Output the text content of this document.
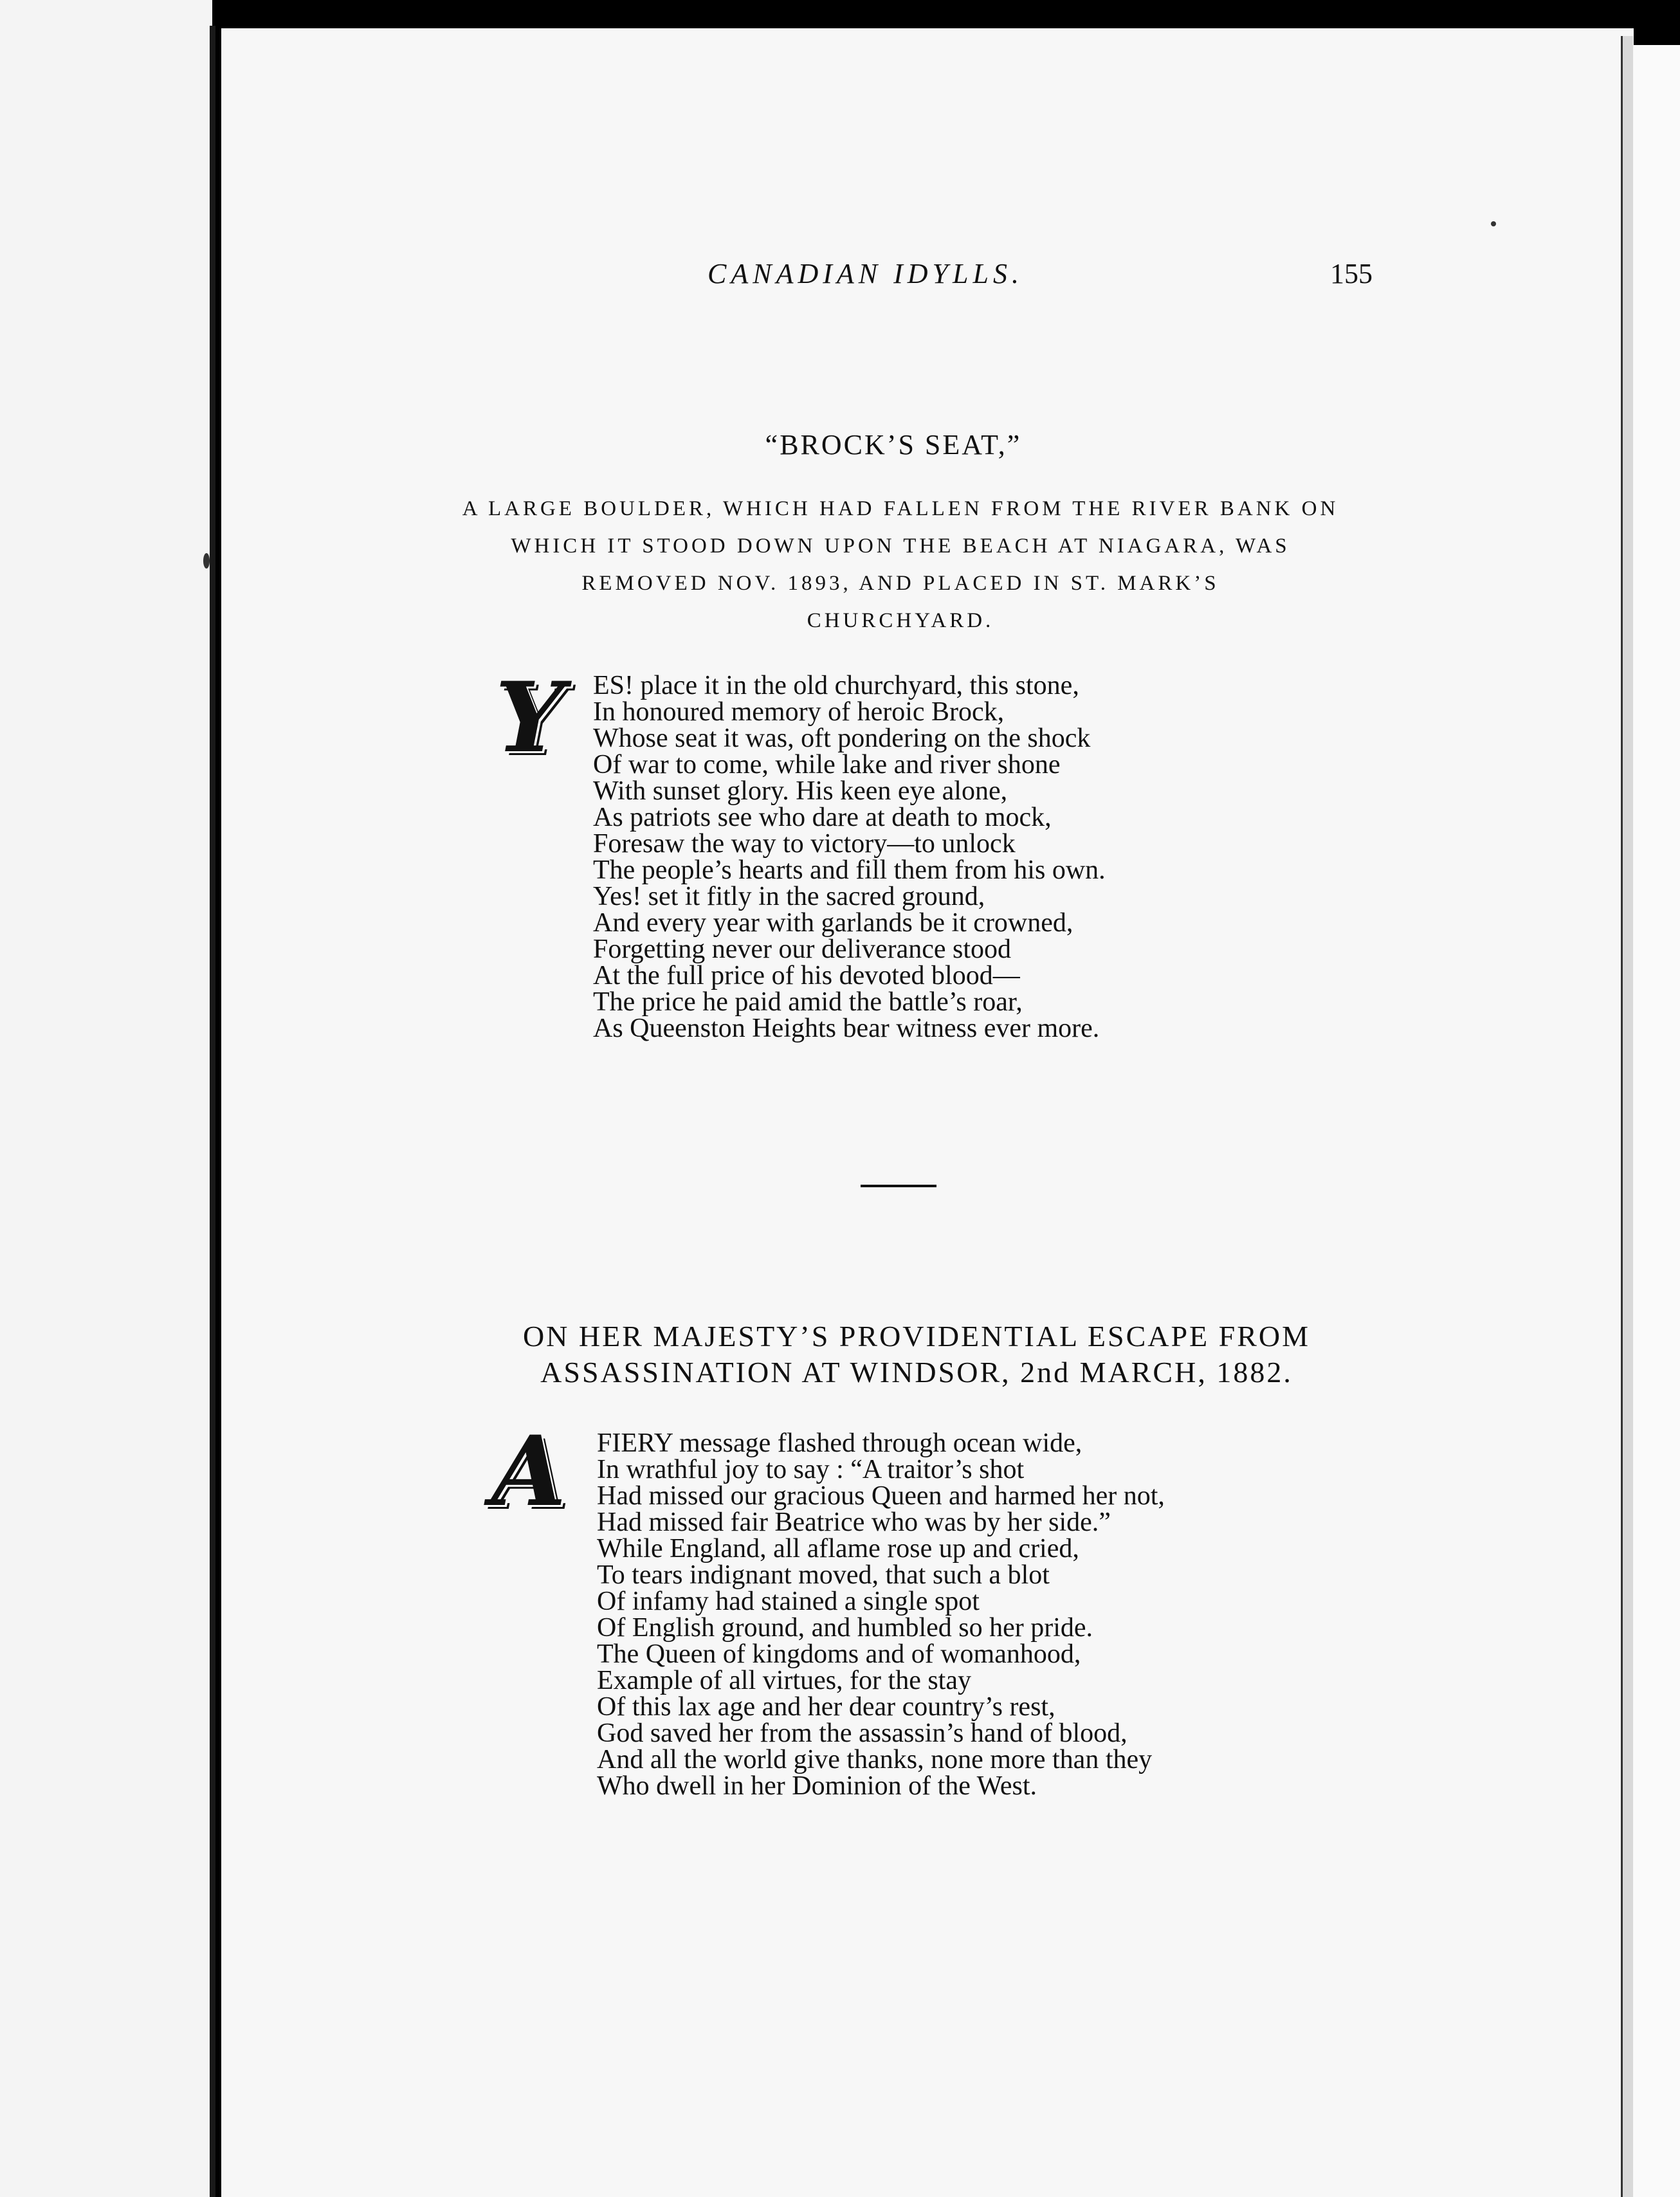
CANADIAN IDYLLS.	155
“BROCK’S SEAT,”
A LARGE BOULDER, WHICH HAD FALLEN FROM THE RIVER BANK ON
WHICH IT STOOD DOWN UPON THE BEACH AT NIAGARA, WAS
REMOVED NOV. 1893, AND PLACED IN ST. MARK’S
CHURCHYARD.
Y ES! place it in the old churchyard, this stone,
In honoured memory of heroic Brock,
Whose seat it was, oft pondering on the shock
Of war to come, while lake and river shone
With sunset glory. His keen eye alone,
As patriots see who dare at death to mock,
Foresaw the way to victory—to unlock
The people’s hearts and fill them from his own.
Yes! set it fitly in the sacred ground,
And every year with garlands be it crowned,
Forgetting never our deliverance stood
At the full price of his devoted blood—
The price he paid amid the battle’s roar,
As Queenston Heights bear witness ever more.
ON HER MAJESTY’S PROVIDENTIAL ESCAPE FROM
ASSASSINATION AT WINDSOR, 2nd MARCH, 1882.
A FIERY message flashed through ocean wide,
In wrathful joy to say : “A traitor’s shot
Had missed our gracious Queen and harmed her not,
Had missed fair Beatrice who was by her side.”
While England, all aflame rose up and cried,
To tears indignant moved, that such a blot
Of infamy had stained a single spot
Of English ground, and humbled so her pride.
The Queen of kingdoms and of womanhood,
Example of all virtues, for the stay
Of this lax age and her dear country’s rest,
God saved her from the assassin’s hand of blood,
And all the world give thanks, none more than they
Who dwell in her Dominion of the West.
